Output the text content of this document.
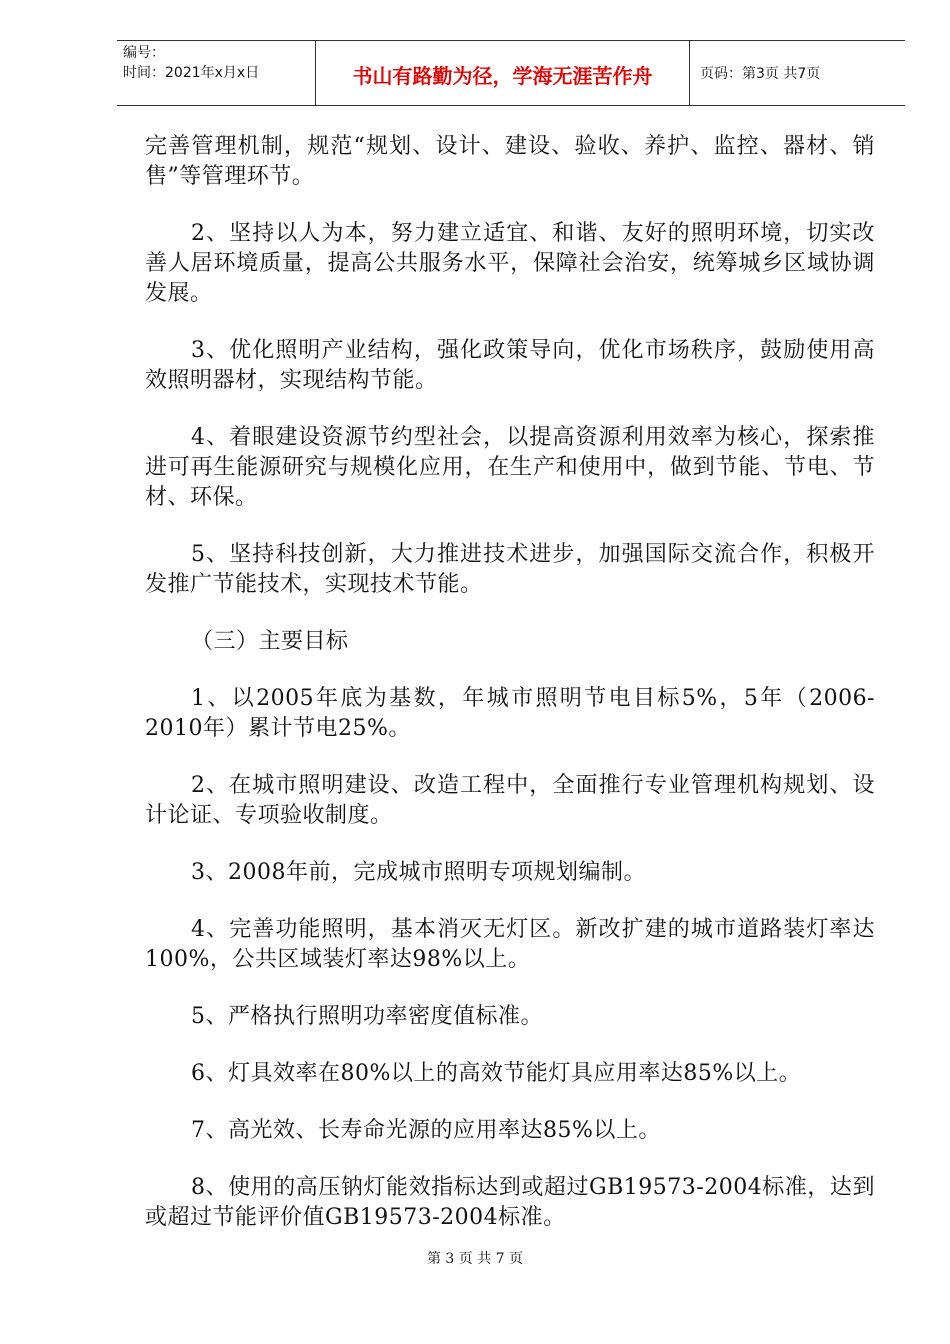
编号：
时间：2021年x月x日	书山有路勤为径，学海无涯苦作舟	页码：第3页 共7页

完善管理机制，规范“规划、设计、建设、验收、养护、监控、器材、销售”等管理环节。

2、坚持以人为本，努力建立适宜、和谐、友好的照明环境，切实改善人居环境质量，提高公共服务水平，保障社会治安，统筹城乡区域协调发展。

3、优化照明产业结构，强化政策导向，优化市场秩序，鼓励使用高效照明器材，实现结构节能。

4、着眼建设资源节约型社会，以提高资源利用效率为核心，探索推进可再生能源研究与规模化应用，在生产和使用中，做到节能、节电、节材、环保。

5、坚持科技创新，大力推进技术进步，加强国际交流合作，积极开发推广节能技术，实现技术节能。

（三）主要目标

1、以2005年底为基数，年城市照明节电目标5%，5年（2006-2010年）累计节电25%。

2、在城市照明建设、改造工程中，全面推行专业管理机构规划、设计论证、专项验收制度。

3、2008年前，完成城市照明专项规划编制。

4、完善功能照明，基本消灭无灯区。新改扩建的城市道路装灯率达100%，公共区域装灯率达98%以上。

5、严格执行照明功率密度值标准。

6、灯具效率在80%以上的高效节能灯具应用率达85%以上。

7、高光效、长寿命光源的应用率达85%以上。

8、使用的高压钠灯能效指标达到或超过GB19573-2004标准，达到或超过节能评价值GB19573-2004标准。

第 3 页 共 7 页
